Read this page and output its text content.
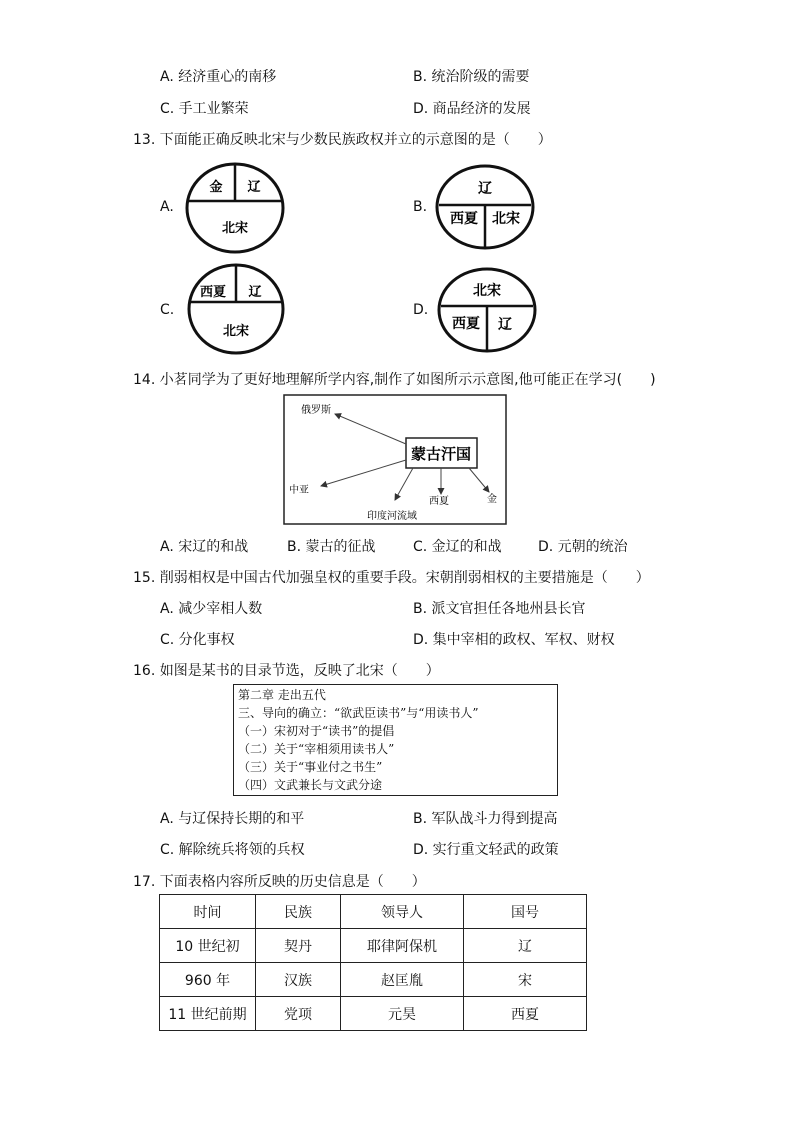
A. 经济重心的南移	B. 统治阶级的需要
C. 手工业繁荣	D. 商品经济的发展
13. 下面能正确反映北宋与少数民族政权并立的示意图的是（　　）
A.
金 辽
北宋
B.
辽
西夏 北宋
C.
西夏 辽
北宋
D.
北宋
西夏 辽
14. 小茗同学为了更好地理解所学内容,制作了如图所示示意图,他可能正在学习(　　)
蒙古汗国
俄罗斯
中亚
印度河流域
西夏	金
A. 宋辽的和战	B. 蒙古的征战	C. 金辽的和战	D. 元朝的统治
15. 削弱相权是中国古代加强皇权的重要手段。宋朝削弱相权的主要措施是（　　）
A. 减少宰相人数	B. 派文官担任各地州县长官
C. 分化事权	D. 集中宰相的政权、军权、财权
16. 如图是某书的目录节选，反映了北宋（　　）
第二章 走出五代
三、导向的确立：“欲武臣读书”与“用读书人”
（一）宋初对于“读书”的提倡
（二）关于“宰相须用读书人”
（三）关于“事业付之书生”
（四）文武兼长与文武分途
A. 与辽保持长期的和平	B. 军队战斗力得到提高
C. 解除统兵将领的兵权	D. 实行重文轻武的政策
17. 下面表格内容所反映的历史信息是（　　）
时间	民族	领导人	国号
10 世纪初	契丹	耶律阿保机	辽
960 年	汉族	赵匡胤	宋
11 世纪前期	党项	元昊	西夏
